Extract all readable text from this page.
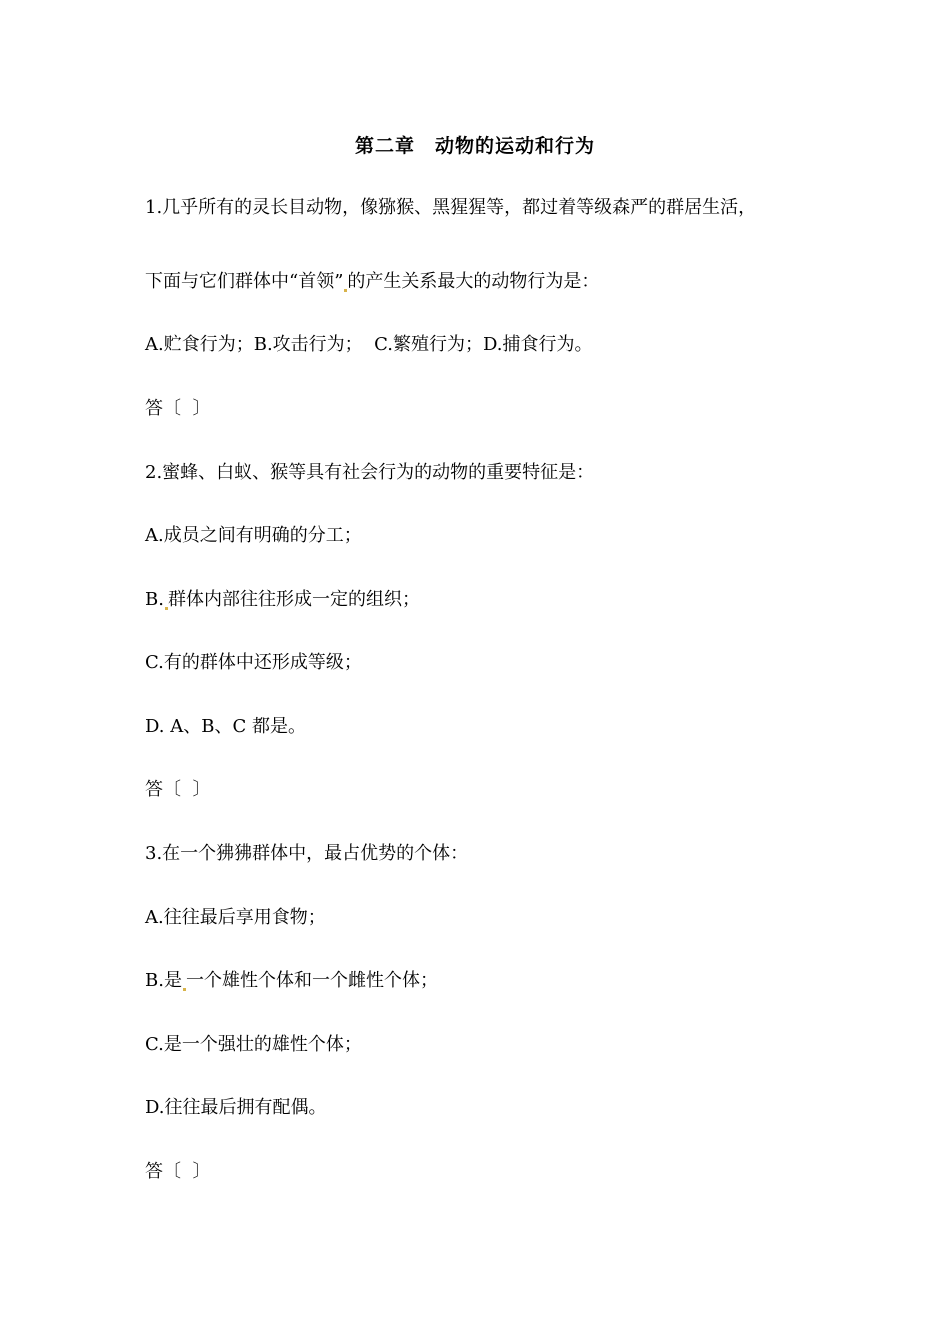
第二章　动物的运动和行为
1.几乎所有的灵长目动物，像猕猴、黑猩猩等，都过着等级森严的群居生活，
下面与它们群体中“首领” 的产生关系最大的动物行为是：
A.贮食行为；B.攻击行为；  C.繁殖行为；D.捕食行为。
答〔  〕
2.蜜蜂、白蚁、猴等具有社会行为的动物的重要特征是：
A.成员之间有明确的分工；
B. 群体内部往往形成一定的组织；
C.有的群体中还形成等级；
D. A、B、C 都是。
答〔  〕
3.在一个狒狒群体中，最占优势的个体：
A.往往最后享用食物；
B.是 一个雄性个体和一个雌性个体；
C.是一个强壮的雄性个体；
D.往往最后拥有配偶。
答〔  〕
